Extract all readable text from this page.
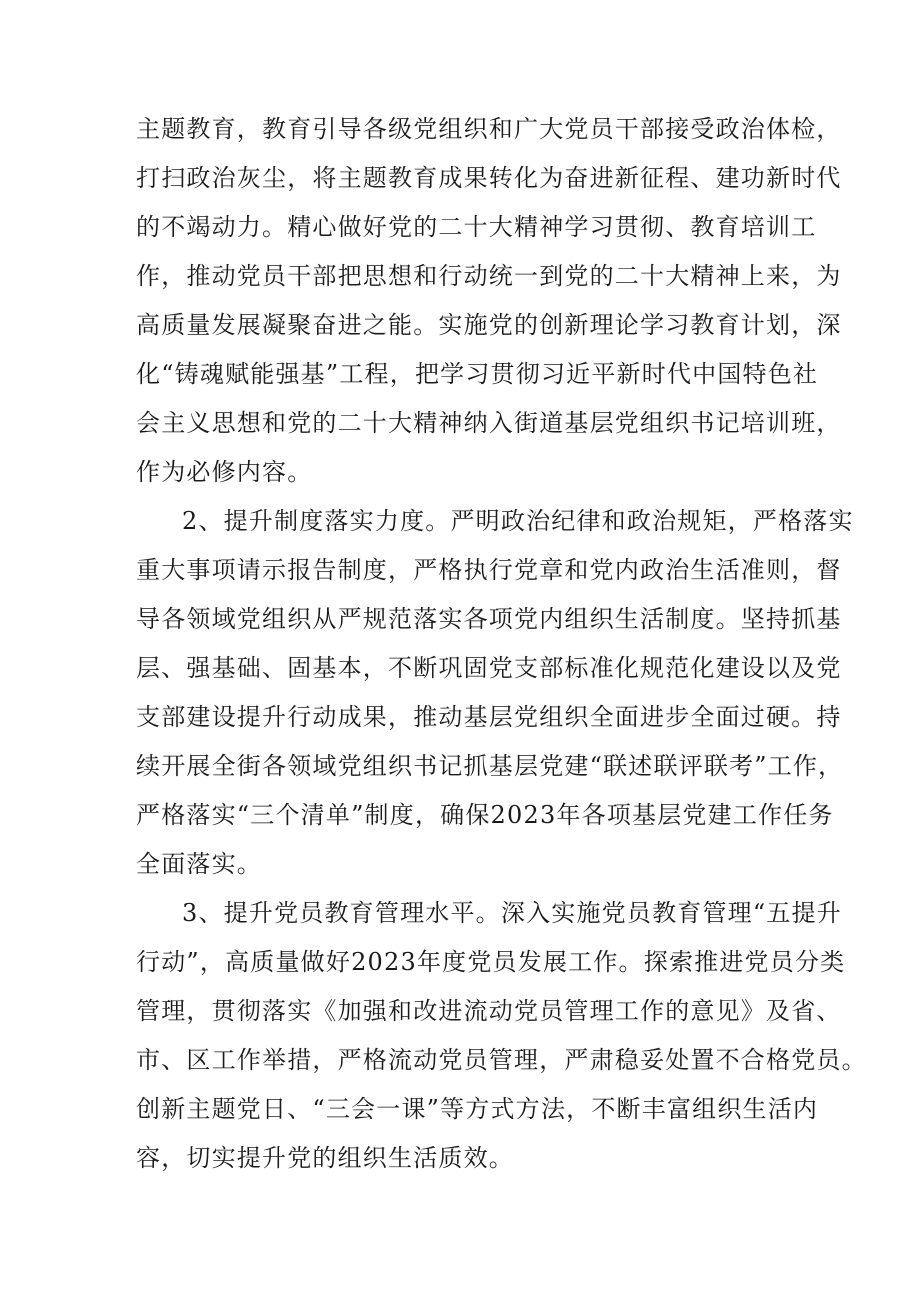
主题教育，教育引导各级党组织和广大党员干部接受政治体检，

打扫政治灰尘，将主题教育成果转化为奋进新征程、建功新时代

的不竭动力。精心做好党的二十大精神学习贯彻、教育培训工

作，推动党员干部把思想和行动统一到党的二十大精神上来，为

高质量发展凝聚奋进之能。实施党的创新理论学习教育计划，深

化“铸魂赋能强基”工程，把学习贯彻习近平新时代中国特色社

会主义思想和党的二十大精神纳入街道基层党组织书记培训班，

作为必修内容。

2、提升制度落实力度。严明政治纪律和政治规矩，严格落实

重大事项请示报告制度，严格执行党章和党内政治生活准则，督

导各领域党组织从严规范落实各项党内组织生活制度。坚持抓基

层、强基础、固基本，不断巩固党支部标准化规范化建设以及党

支部建设提升行动成果，推动基层党组织全面进步全面过硬。持

续开展全街各领域党组织书记抓基层党建“联述联评联考”工作，

严格落实“三个清单”制度，确保2023年各项基层党建工作任务

全面落实。

3、提升党员教育管理水平。深入实施党员教育管理“五提升

行动”，高质量做好2023年度党员发展工作。探索推进党员分类

管理，贯彻落实《加强和改进流动党员管理工作的意见》及省、

市、区工作举措，严格流动党员管理，严肃稳妥处置不合格党员。

创新主题党日、“三会一课”等方式方法，不断丰富组织生活内

容，切实提升党的组织生活质效。
